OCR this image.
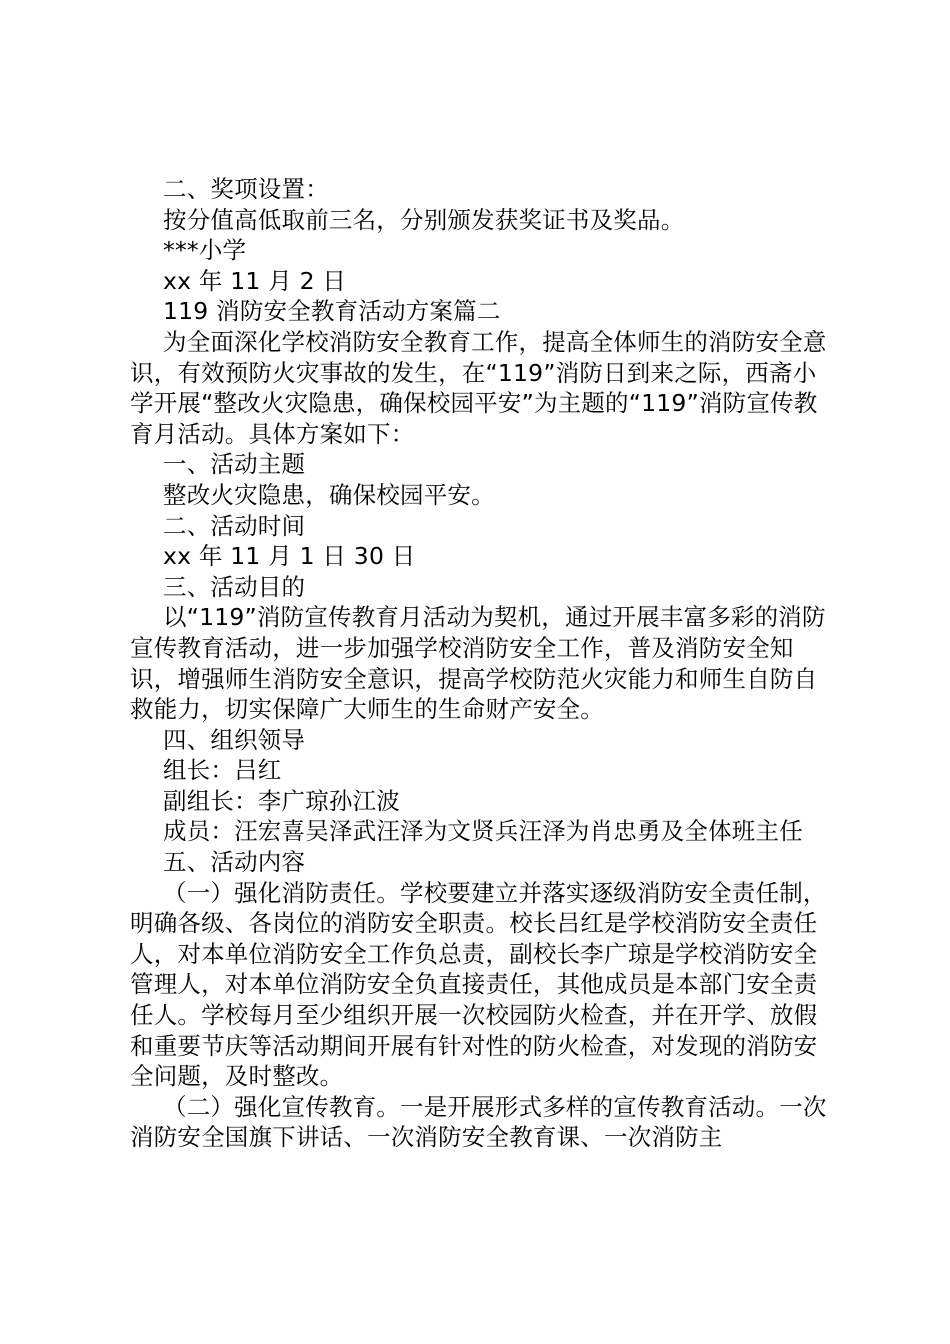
二、奖项设置：

按分值高低取前三名，分别颁发获奖证书及奖品。

***小学

xx 年 11 月 2 日

119 消防安全教育活动方案篇二

为全面深化学校消防安全教育工作，提高全体师生的消防安全意识，有效预防火灾事故的发生，在“119”消防日到来之际，西斋小学开展“整改火灾隐患，确保校园平安”为主题的“119”消防宣传教育月活动。具体方案如下：

一、活动主题

整改火灾隐患，确保校园平安。

二、活动时间

xx 年 11 月 1 日 30 日

三、活动目的

以“119”消防宣传教育月活动为契机，通过开展丰富多彩的消防宣传教育活动，进一步加强学校消防安全工作，普及消防安全知识，增强师生消防安全意识，提高学校防范火灾能力和师生自防自救能力，切实保障广大师生的生命财产安全。

四、组织领导

组长：吕红

副组长：李广琼孙江波

成员：汪宏喜吴泽武汪泽为文贤兵汪泽为肖忠勇及全体班主任

五、活动内容

（一）强化消防责任。学校要建立并落实逐级消防安全责任制，明确各级、各岗位的消防安全职责。校长吕红是学校消防安全责任人，对本单位消防安全工作负总责，副校长李广琼是学校消防安全管理人，对本单位消防安全负直接责任，其他成员是本部门安全责任人。学校每月至少组织开展一次校园防火检查，并在开学、放假和重要节庆等活动期间开展有针对性的防火检查，对发现的消防安全问题，及时整改。

（二）强化宣传教育。一是开展形式多样的宣传教育活动。一次消防安全国旗下讲话、一次消防安全教育课、一次消防主
